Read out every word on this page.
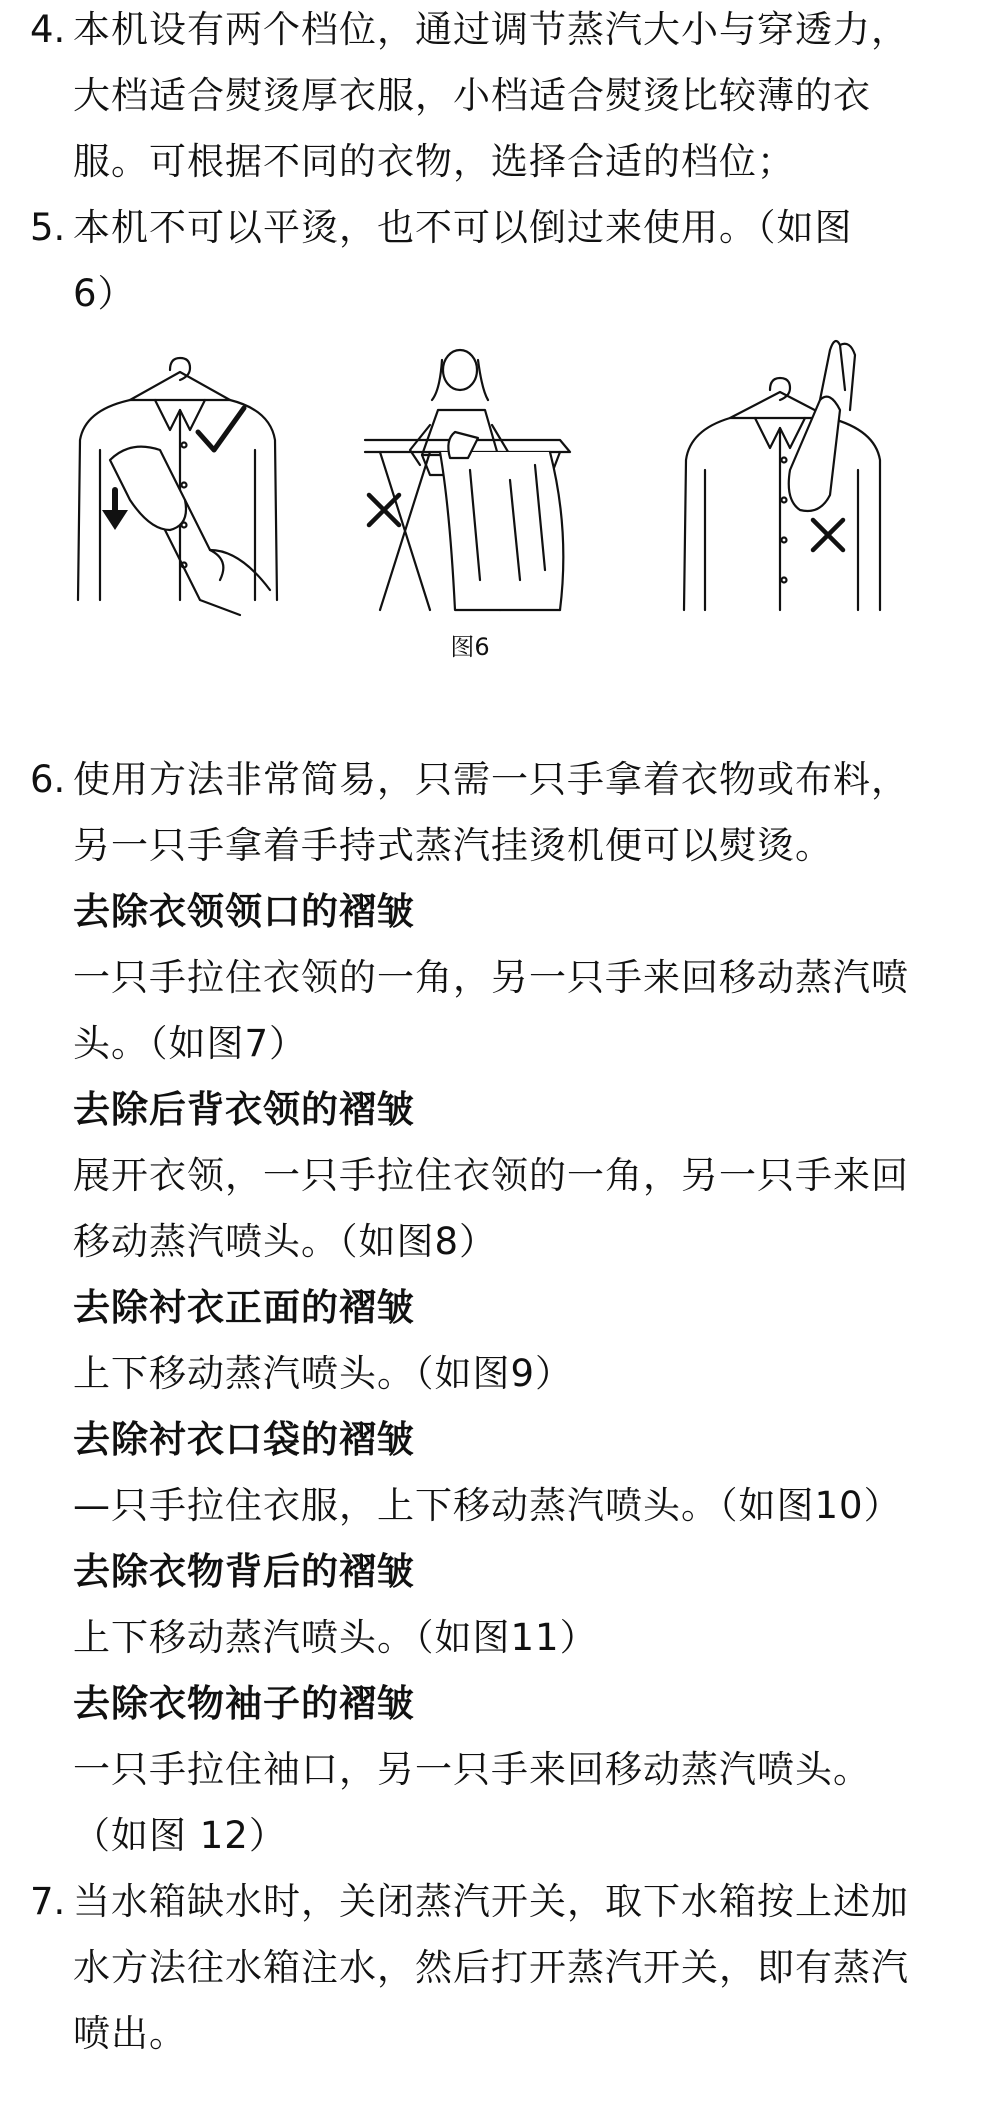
4. 本机设有两个档位，通过调节蒸汽大小与穿透力，
大档适合熨烫厚衣服，小档适合熨烫比较薄的衣
服。可根据不同的衣物，选择合适的档位；
5. 本机不可以平烫，也不可以倒过来使用。（如图
6）
图6
6. 使用方法非常简易，只需一只手拿着衣物或布料，
另一只手拿着手持式蒸汽挂烫机便可以熨烫。
去除衣领领口的褶皱
一只手拉住衣领的一角，另一只手来回移动蒸汽喷
头。（如图7）
去除后背衣领的褶皱
展开衣领，一只手拉住衣领的一角，另一只手来回
移动蒸汽喷头。（如图8）
去除衬衣正面的褶皱
上下移动蒸汽喷头。（如图9）
去除衬衣口袋的褶皱
—只手拉住衣服，上下移动蒸汽喷头。（如图10）
去除衣物背后的褶皱
上下移动蒸汽喷头。（如图11）
去除衣物袖子的褶皱
一只手拉住袖口，另一只手来回移动蒸汽喷头。
（如图 12）
7. 当水箱缺水时，关闭蒸汽开关，取下水箱按上述加
水方法往水箱注水，然后打开蒸汽开关，即有蒸汽
喷出。
